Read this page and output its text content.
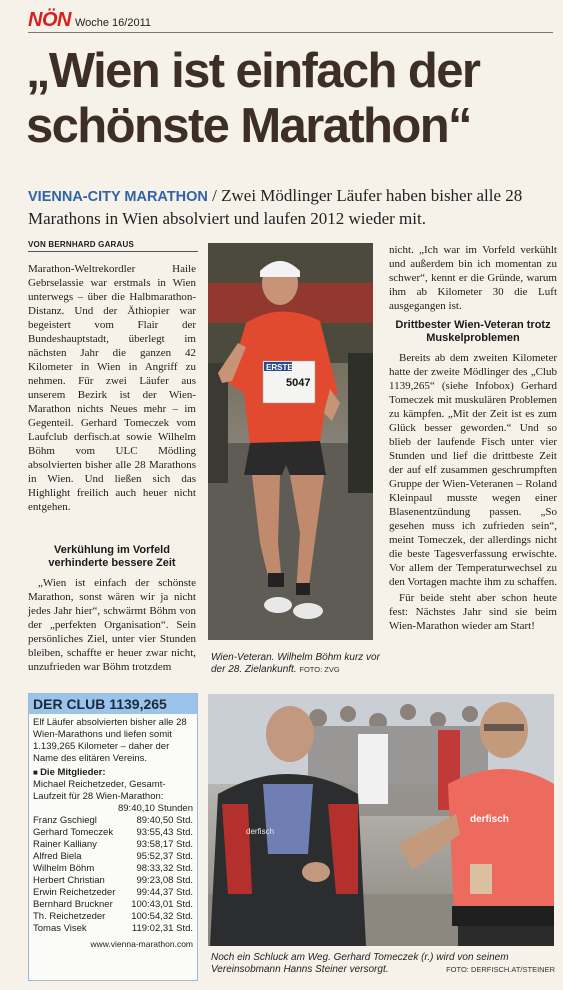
NÖN Woche 16/2011
„Wien ist einfach der schönste Marathon“
VIENNA-CITY MARATHON / Zwei Mödlinger Läufer haben bisher alle 28 Marathons in Wien absolviert und laufen 2012 wieder mit.
VON BERNHARD GARAUS

Marathon-Weltrekordler Haile Gebrselassie war erstmals in Wien unterwegs – über die Halbmarathon-Distanz. Und der Äthiopier war begeistert vom Flair der Bundeshauptstadt, überlegt im nächsten Jahr die ganzen 42 Kilometer in Wien in Angriff zu nehmen. Für zwei Läufer aus unserem Bezirk ist der Wien-Marathon nichts Neues mehr – im Gegenteil. Gerhard Tomeczek vom Laufclub derfisch.at sowie Wilhelm Böhm vom ULC Mödling absolvierten bisher alle 28 Marathons in Wien. Und ließen sich das Highlight freilich auch heuer nicht entgehen.

Verkühlung im Vorfeld verhinderte bessere Zeit

„Wien ist einfach der schönste Marathon, sonst wären wir ja nicht jedes Jahr hier“, schwärmt Böhm von der „perfekten Organisation“. Sein persönliches Ziel, unter vier Stunden bleiben, schaffte er heuer zwar nicht, unzufrieden war Böhm trotzdem

ERSTE
5047
Wien-Veteran. Wilhelm Böhm kurz vor der 28. Zielankunft. FOTO: ZVG

nicht. „Ich war im Vorfeld verkühlt und außerdem bin ich momentan zu schwer“, kennt er die Gründe, warum ihm ab Kilometer 30 die Luft ausgegangen ist.

Drittbester Wien-Veteran trotz Muskelproblemen

Bereits ab dem zweiten Kilometer hatte der zweite Mödlinger des „Club 1139,265“ (siehe Infobox) Gerhard Tomeczek mit muskulären Problemen zu kämpfen. „Mit der Zeit ist es zum Glück besser geworden.“ Und so blieb der laufende Fisch unter vier Stunden und lief die drittbeste Zeit der auf elf zusammen geschrumpften Gruppe der Wien-Veteranen – Roland Kleinpaul musste wegen einer Blasenentzündung passen. „So gesehen muss ich zufrieden sein“, meint Tomeczek, der allerdings nicht die beste Tagesverfassung erwischte. Vor allem der Temperaturwechsel zu den Vortagen machte ihm zu schaffen.

Für beide steht aber schon heute fest: Nächstes Jahr sind sie beim Wien-Marathon wieder am Start!

DER CLUB 1139,265
Elf Läufer absolvierten bisher alle 28 Wien-Marathons und liefen somit 1.139,265 Kilometer – daher der Name des elitären Vereins.
■ Die Mitglieder:
Michael Reichetzeder, Gesamt-Laufzeit für 28 Wien-Marathon:
89:40,10 Stunden
Franz Gschiegl	89:40,50 Std.
Gerhard Tomeczek 93:55,43 Std.
Rainer Kalliany	93:58,17 Std.
Alfred Biela	95:52,37 Std.
Wilhelm Böhm	98:33,32 Std.
Herbert Christian	99:23,08 Std.
Erwin Reichetzeder 99:44,37 Std.
Bernhard Bruckner 100:43,01 Std.
Th. Reichetzeder	100:54,32 Std.
Tomas Visek	119:02,31 Std.
www.vienna-marathon.com
derfisch
derfisch
Noch ein Schluck am Weg. Gerhard Tomeczek (r.) wird von seinem Vereinsobmann Hanns Steiner versorgt.	FOTO: DERFISCH.AT/STEINER
